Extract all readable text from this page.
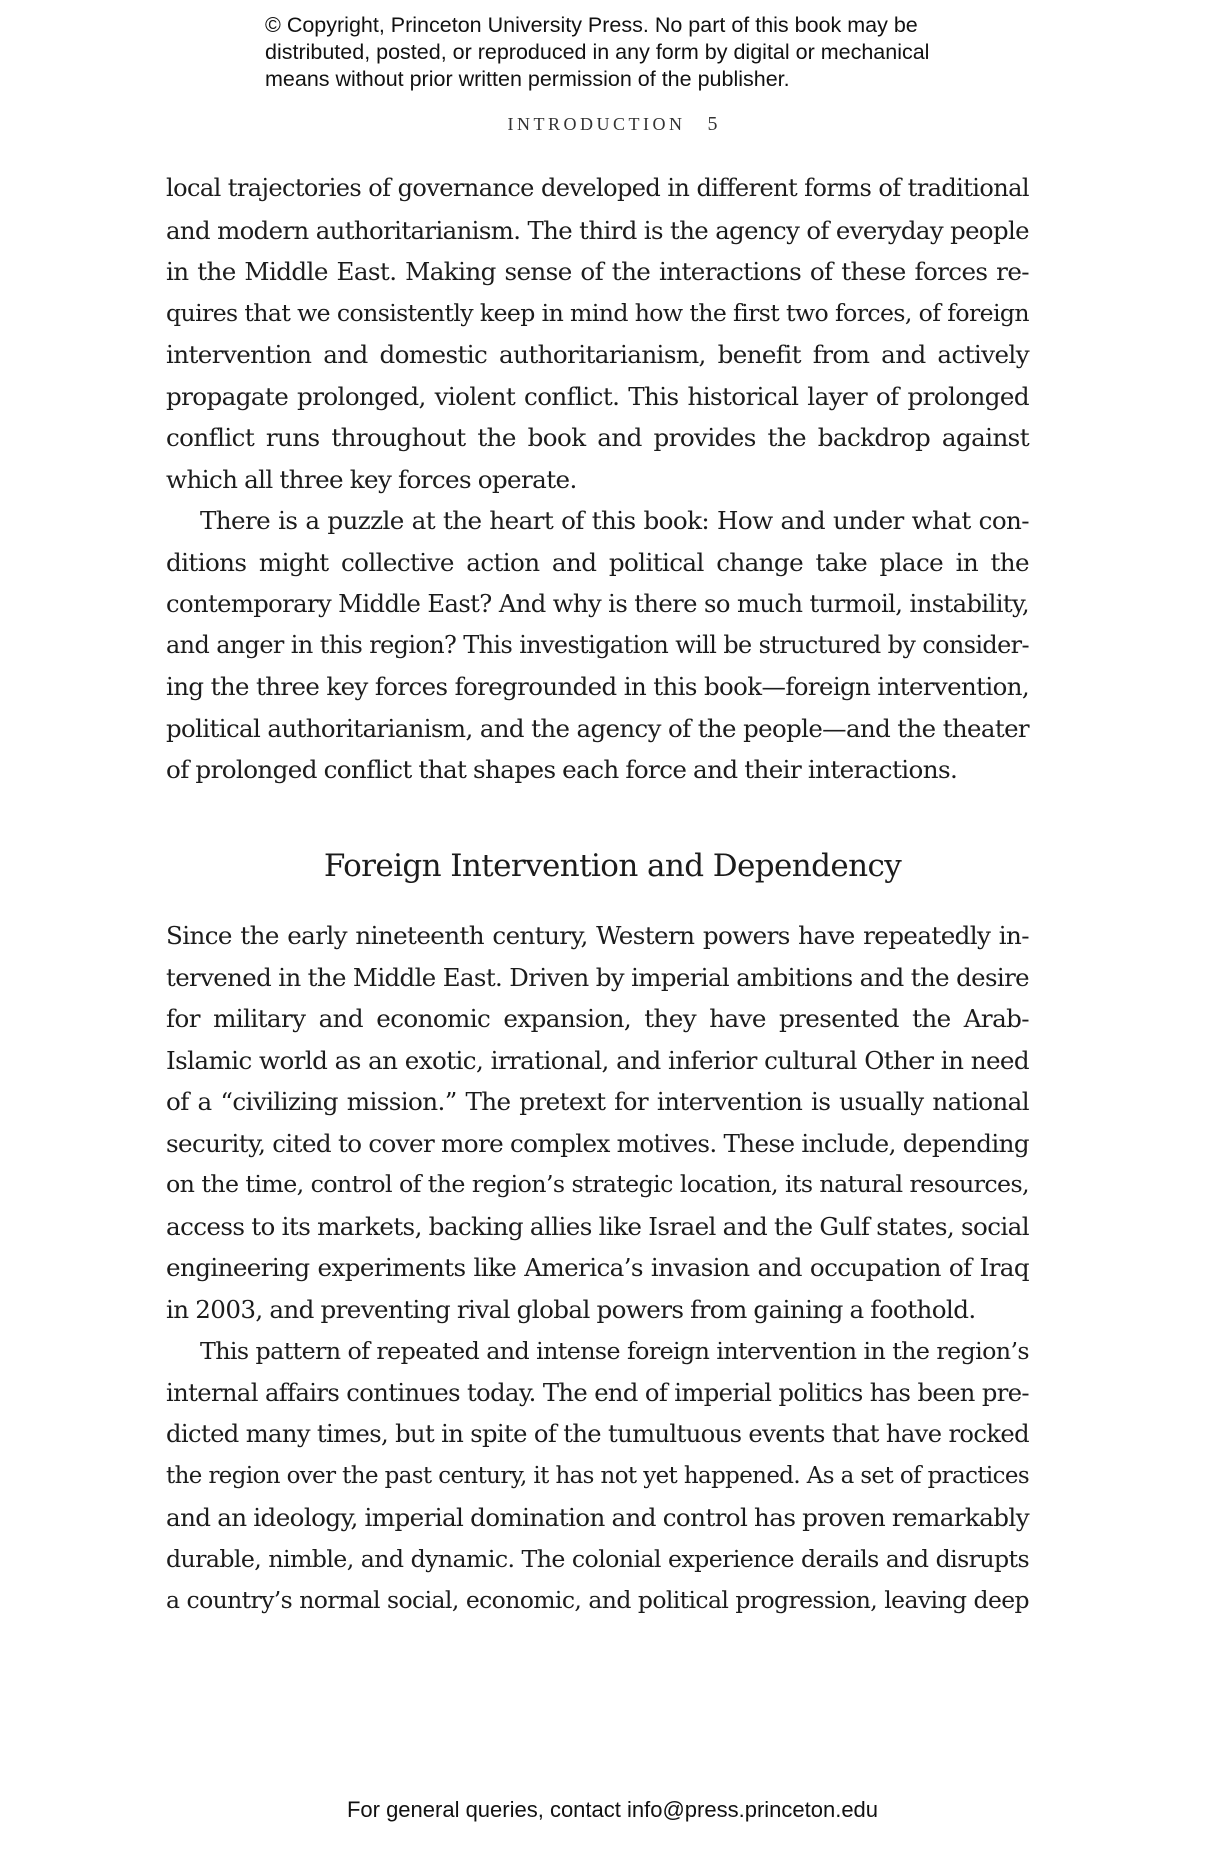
© Copyright, Princeton University Press. No part of this book may be
distributed, posted, or reproduced in any form by digital or mechanical
means without prior written permission of the publisher.
INTRODUCTION 5
local trajectories of governance developed in different forms of traditional
and modern authoritarianism. The third is the agency of everyday people
in the Middle East. Making sense of the interactions of these forces re-
quires that we consistently keep in mind how the first two forces, of foreign
intervention and domestic authoritarianism, benefit from and actively
propagate prolonged, violent conflict. This historical layer of prolonged
conflict runs throughout the book and provides the backdrop against
which all three key forces operate.
There is a puzzle at the heart of this book: How and under what con-
ditions might collective action and political change take place in the
contemporary Middle East? And why is there so much turmoil, instability,
and anger in this region? This investigation will be structured by consider-
ing the three key forces foregrounded in this book—foreign intervention,
political authoritarianism, and the agency of the people—and the theater
of prolonged conflict that shapes each force and their interactions.
Foreign Intervention and Dependency
Since the early nineteenth century, Western powers have repeatedly in-
tervened in the Middle East. Driven by imperial ambitions and the desire
for military and economic expansion, they have presented the Arab-
Islamic world as an exotic, irrational, and inferior cultural Other in need
of a “civilizing mission.” The pretext for intervention is usually national
security, cited to cover more complex motives. These include, depending
on the time, control of the region’s strategic location, its natural resources,
access to its markets, backing allies like Israel and the Gulf states, social
engineering experiments like America’s invasion and occupation of Iraq
in 2003, and preventing rival global powers from gaining a foothold.
This pattern of repeated and intense foreign intervention in the region’s
internal affairs continues today. The end of imperial politics has been pre-
dicted many times, but in spite of the tumultuous events that have rocked
the region over the past century, it has not yet happened. As a set of practices
and an ideology, imperial domination and control has proven remarkably
durable, nimble, and dynamic. The colonial experience derails and disrupts
a country’s normal social, economic, and political progression, leaving deep
For general queries, contact info@press.princeton.edu
